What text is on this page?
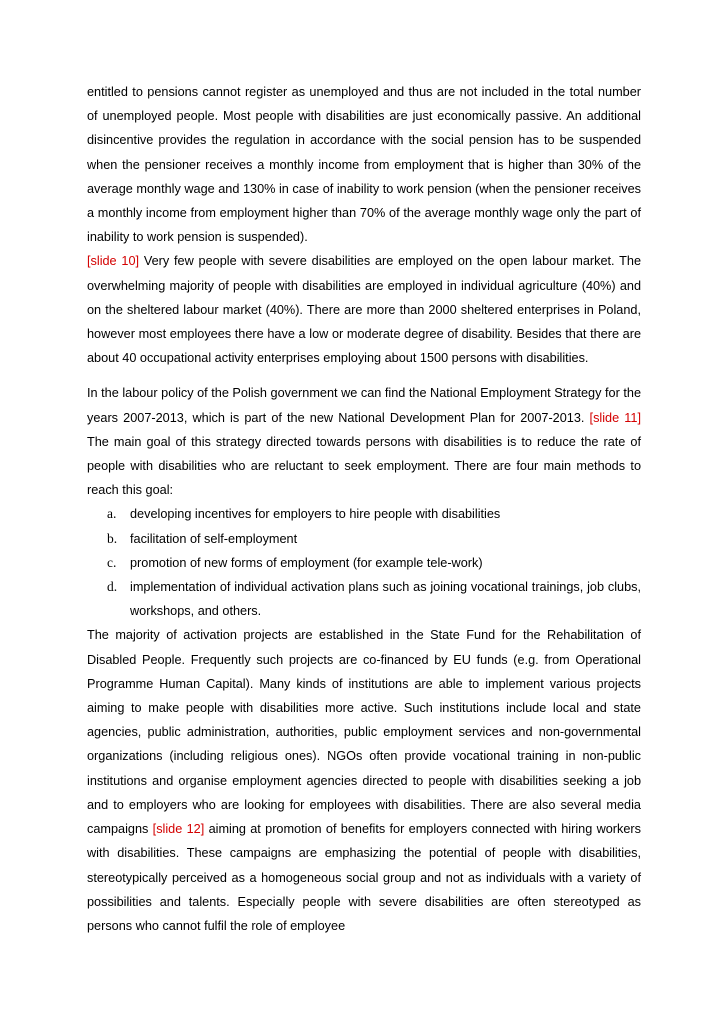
entitled to pensions cannot register as unemployed and thus are not included in the total number of unemployed people. Most people with disabilities are just economically passive. An additional disincentive provides the regulation in accordance with the social pension has to be suspended when the pensioner receives a monthly income from employment that is higher than 30% of the average monthly wage and 130% in case of inability to work pension (when the pensioner receives a monthly income from employment higher than 70% of the average monthly wage only the part of inability to work pension is suspended).

[slide 10] Very few people with severe disabilities are employed on the open labour market. The overwhelming majority of people with disabilities are employed in individual agriculture (40%) and on the sheltered labour market (40%). There are more than 2000 sheltered enterprises in Poland, however most employees there have a low or moderate degree of disability. Besides that there are about 40 occupational activity enterprises employing about 1500 persons with disabilities.

In the labour policy of the Polish government we can find the National Employment Strategy for the years 2007-2013, which is part of the new National Development Plan for 2007-2013. [slide 11] The main goal of this strategy directed towards persons with disabilities is to reduce the rate of people with disabilities who are reluctant to seek employment. There are four main methods to reach this goal:

a. developing incentives for employers to hire people with disabilities
b. facilitation of self-employment
c. promotion of new forms of employment (for example tele-work)
d. implementation of individual activation plans such as joining vocational trainings, job clubs, workshops, and others.

The majority of activation projects are established in the State Fund for the Rehabilitation of Disabled People. Frequently such projects are co-financed by EU funds (e.g. from Operational Programme Human Capital). Many kinds of institutions are able to implement various projects aiming to make people with disabilities more active. Such institutions include local and state agencies, public administration, authorities, public employment services and non-governmental organizations (including religious ones). NGOs often provide vocational training in non-public institutions and organise employment agencies directed to people with disabilities seeking a job and to employers who are looking for employees with disabilities. There are also several media campaigns [slide 12] aiming at promotion of benefits for employers connected with hiring workers with disabilities. These campaigns are emphasizing the potential of people with disabilities, stereotypically perceived as a homogeneous social group and not as individuals with a variety of possibilities and talents. Especially people with severe disabilities are often stereotyped as persons who cannot fulfil the role of employee
